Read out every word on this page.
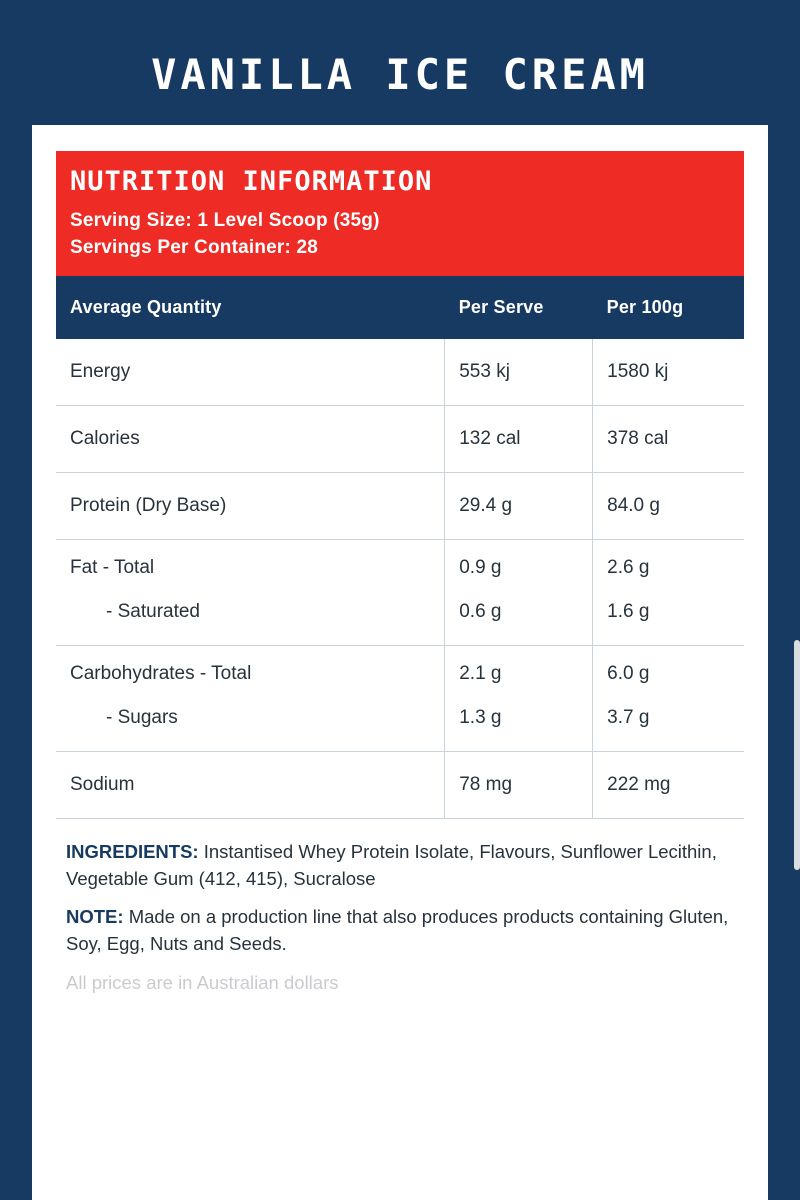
VANILLA ICE CREAM
NUTRITION INFORMATION
Serving Size: 1 Level Scoop (35g)
Servings Per Container: 28
Average Quantity	Per Serve	Per 100g
Energy	553 kj	1580 kj
Calories	132 cal	378 cal
Protein (Dry Base)	29.4 g	84.0 g
Fat - Total	0.9 g	2.6 g
- Saturated	0.6 g	1.6 g
Carbohydrates - Total	2.1 g	6.0 g
- Sugars	1.3 g	3.7 g
Sodium	78 mg	222 mg

INGREDIENTS: Instantised Whey Protein Isolate, Flavours, Sunflower Lecithin, Vegetable Gum (412, 415), Sucralose

NOTE: Made on a production line that also produces products containing Gluten, Soy, Egg, Nuts and Seeds.

All prices are in Australian dollars
